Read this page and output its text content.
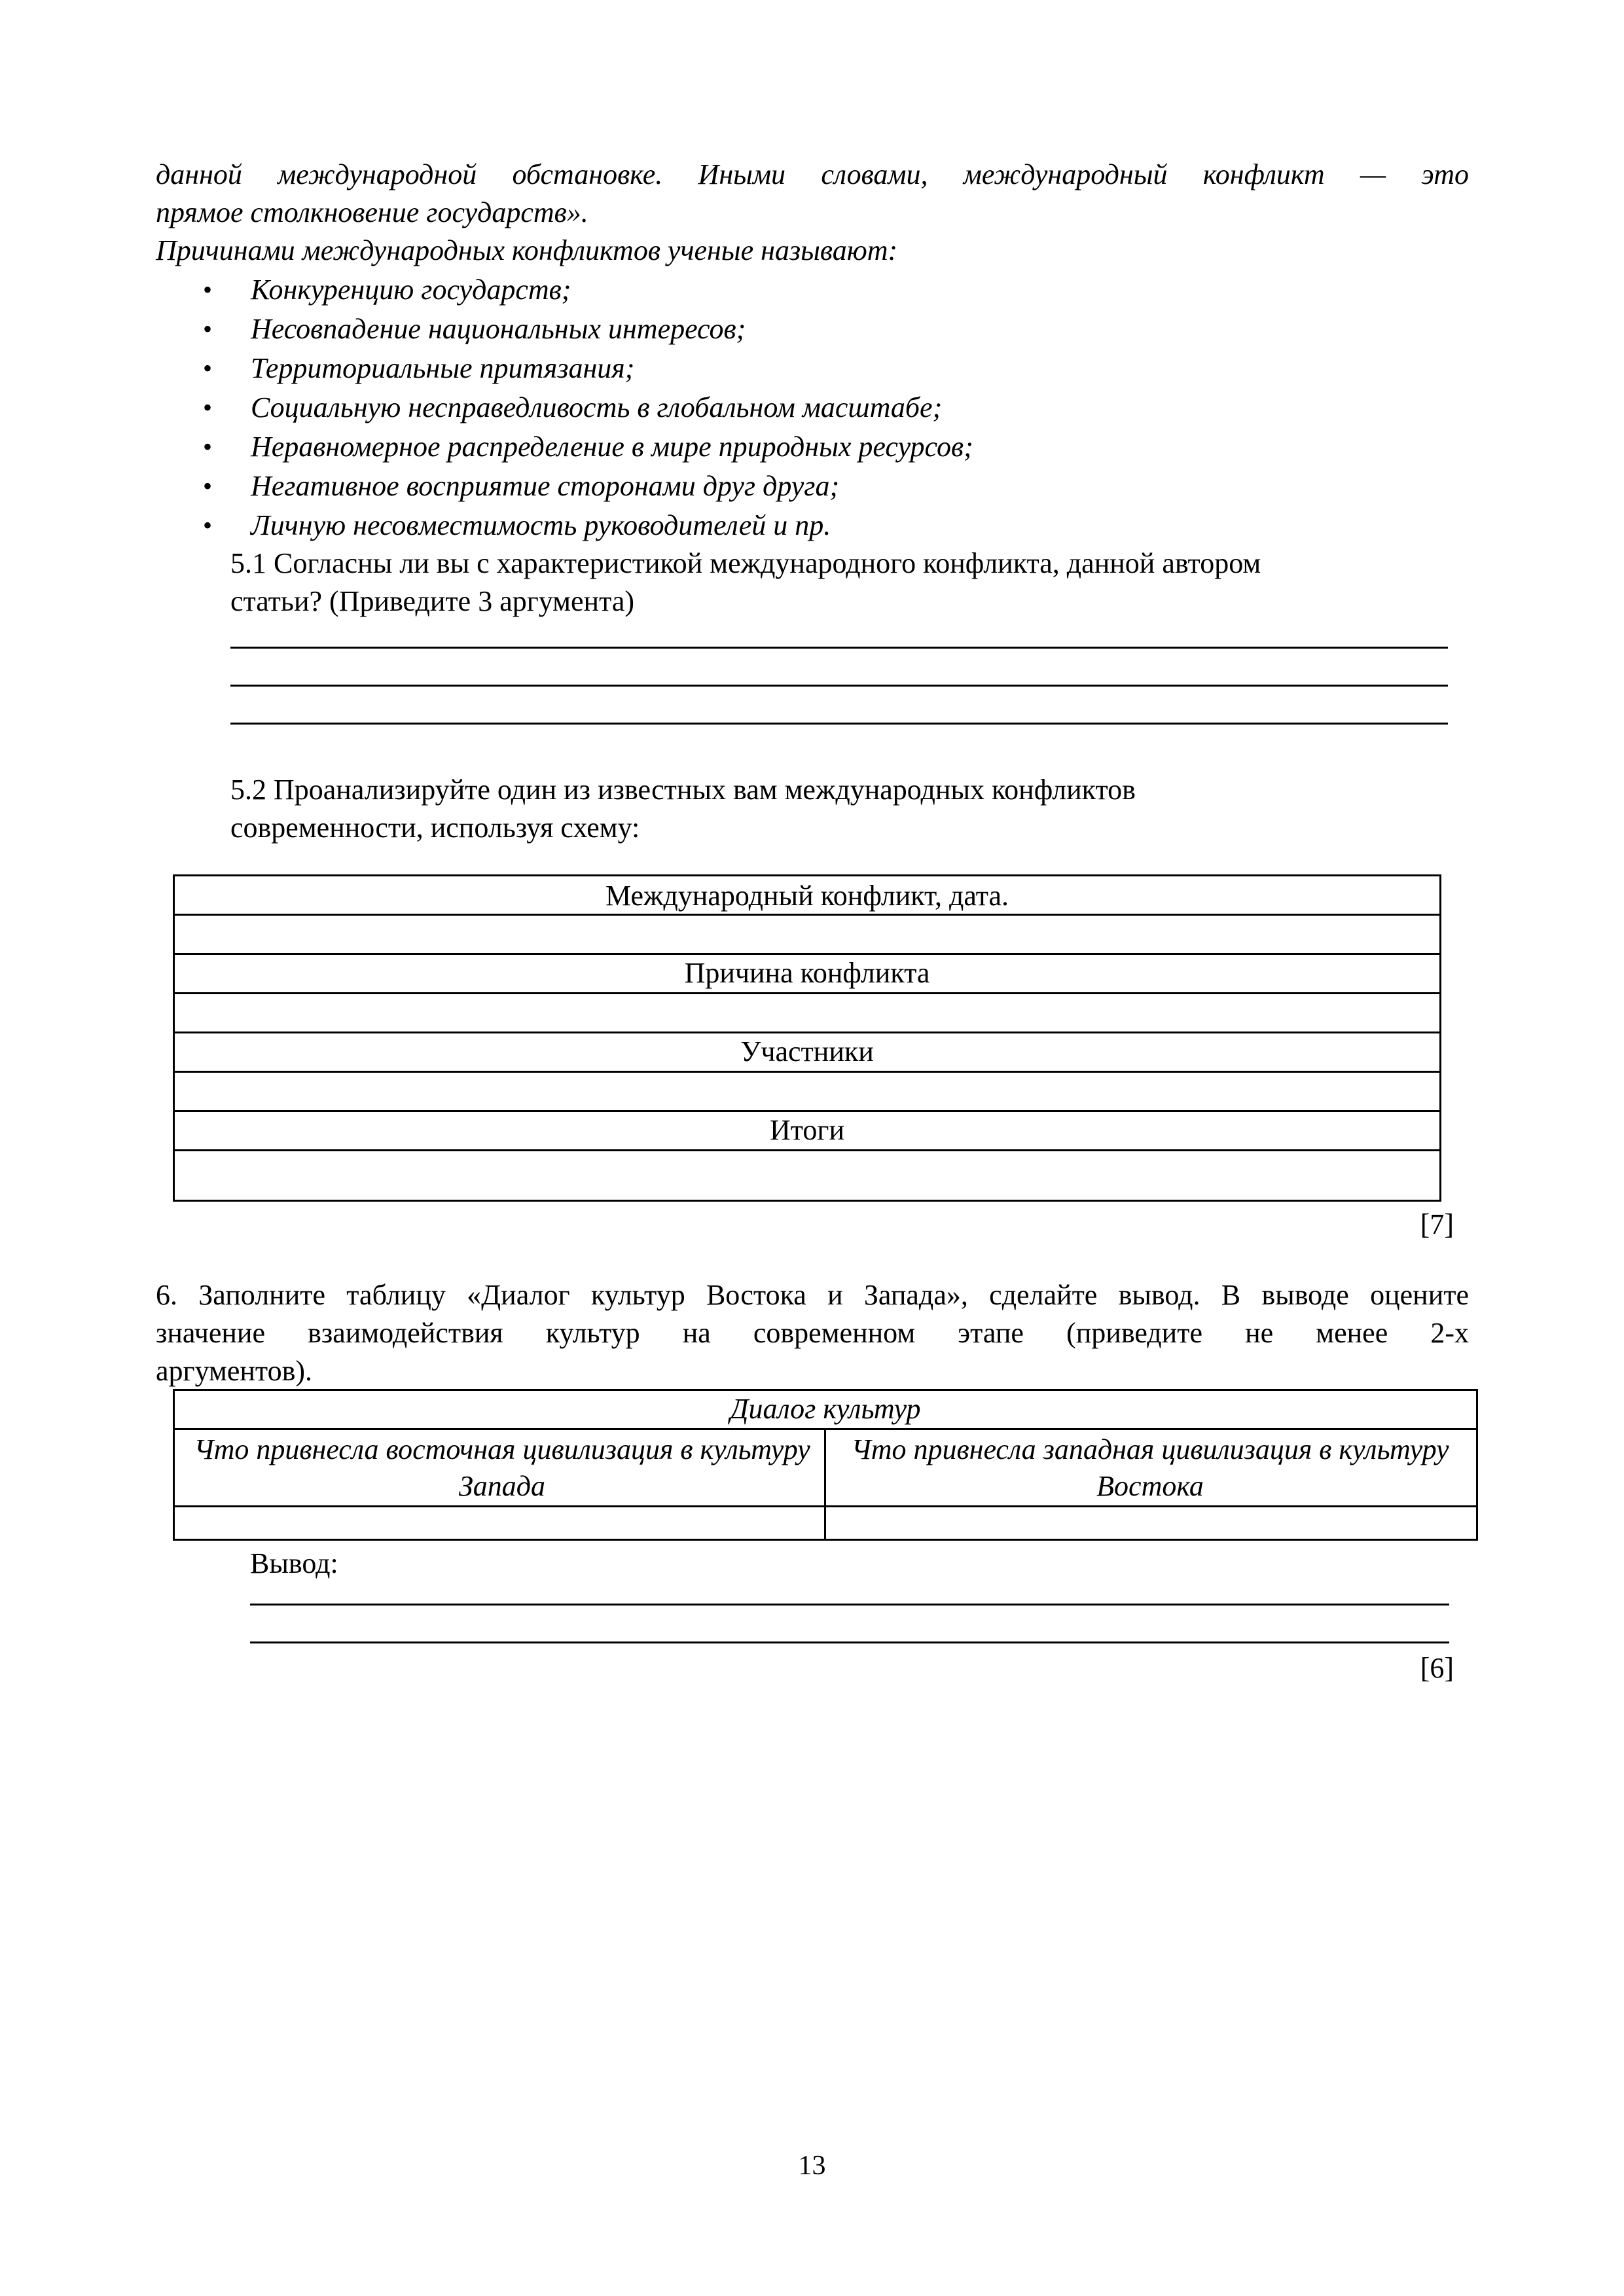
данной международной обстановке. Иными словами, международный конфликт — это
прямое столкновение государств».
Причинами международных конфликтов ученые называют:
• Конкуренцию государств;
• Несовпадение национальных интересов;
• Территориальные притязания;
• Социальную несправедливость в глобальном масштабе;
• Неравномерное распределение в мире природных ресурсов;
• Негативное восприятие сторонами друг друга;
• Личную несовместимость руководителей и пр.
5.1 Согласны ли вы с характеристикой международного конфликта, данной автором
статьи? (Приведите 3 аргумента)
5.2 Проанализируйте один из известных вам международных конфликтов
современности, используя схему:
Международный конфликт, дата.
Причина конфликта
Участники
Итоги
[7]
6. Заполните таблицу «Диалог культур Востока и Запада», сделайте вывод. В выводе оцените
значение взаимодействия культур на современном этапе (приведите не менее 2-х
аргументов).
Диалог культур
Что привнесла восточная цивилизация в культуру Запада
Что привнесла западная цивилизация в культуру Востока
Вывод:
[6]
13
